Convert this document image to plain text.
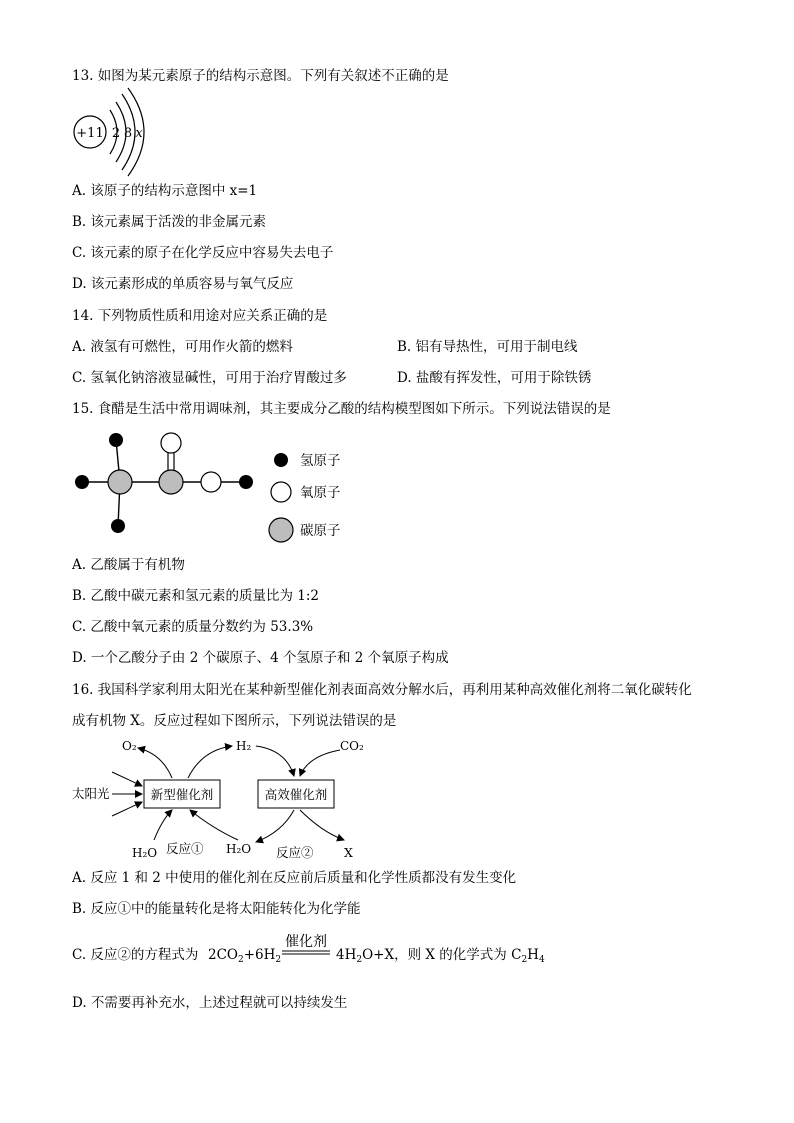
13. 如图为某元素原子的结构示意图。下列有关叙述不正确的是
+11 2 8 x
A. 该原子的结构示意图中 x=1
B. 该元素属于活泼的非金属元素
C. 该元素的原子在化学反应中容易失去电子
D. 该元素形成的单质容易与氧气反应
14. 下列物质性质和用途对应关系正确的是
A. 液氢有可燃性，可用作火箭的燃料	B. 铝有导热性，可用于制电线
C. 氢氧化钠溶液显碱性，可用于治疗胃酸过多	D. 盐酸有挥发性，可用于除铁锈
15. 食醋是生活中常用调味剂，其主要成分乙酸的结构模型图如下所示。下列说法错误的是
氢原子
氧原子
碳原子
A. 乙酸属于有机物
B. 乙酸中碳元素和氢元素的质量比为 1:2
C. 乙酸中氧元素的质量分数约为 53.3%
D. 一个乙酸分子由 2 个碳原子、4 个氢原子和 2 个氧原子构成
16. 我国科学家利用太阳光在某种新型催化剂表面高效分解水后，再利用某种高效催化剂将二氧化碳转化
成有机物 X。反应过程如下图所示，下列说法错误的是
O₂	H₂	CO₂
新型催化剂	高效催化剂
太阳光
H₂O 反应① H₂O 反应② X
A. 反应 1 和 2 中使用的催化剂在反应前后质量和化学性质都没有发生变化
B. 反应①中的能量转化是将太阳能转化为化学能
C. 反应②的方程式为 $2CO_2+6H_2$
催化剂
$4H_2O+X$，则 X 的化学式为 $C_2H_4$
D. 不需要再补充水，上述过程就可以持续发生
